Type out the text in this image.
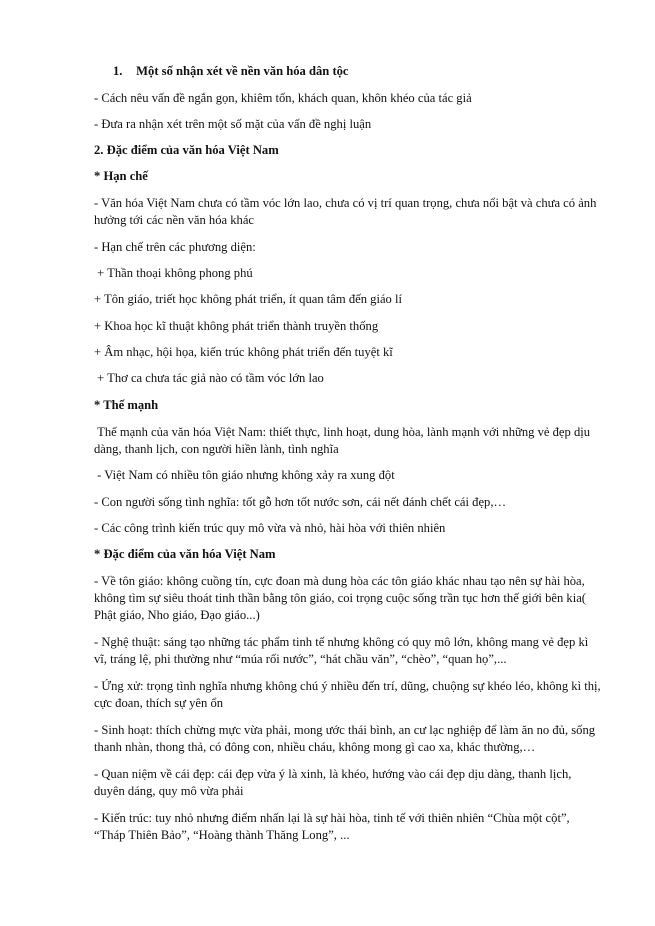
1. Một số nhận xét về nền văn hóa dân tộc

- Cách nêu vấn đề ngắn gọn, khiêm tốn, khách quan, khôn khéo của tác giả

- Đưa ra nhận xét trên một số mặt của vấn đề nghị luận

2. Đặc điểm của văn hóa Việt Nam

* Hạn chế

- Văn hóa Việt Nam chưa có tầm vóc lớn lao, chưa có vị trí quan trọng, chưa nổi bật và chưa có ảnh hưởng tới các nền văn hóa khác

- Hạn chế trên các phương diện:

+ Thần thoại không phong phú

+ Tôn giáo, triết học không phát triển, ít quan tâm đến giáo lí

+ Khoa học kĩ thuật không phát triển thành truyền thống

+ Âm nhạc, hội họa, kiến trúc không phát triển đến tuyệt kĩ

+ Thơ ca chưa tác giả nào có tầm vóc lớn lao

* Thế mạnh

Thế mạnh của văn hóa Việt Nam: thiết thực, linh hoạt, dung hòa, lành mạnh với những vẻ đẹp dịu dàng, thanh lịch, con người hiền lành, tình nghĩa

- Việt Nam có nhiều tôn giáo nhưng không xảy ra xung đột

- Con người sống tình nghĩa: tốt gỗ hơn tốt nước sơn, cái nết đánh chết cái đẹp,…

- Các công trình kiến trúc quy mô vừa và nhỏ, hài hòa với thiên nhiên

* Đặc điểm của văn hóa Việt Nam

- Về tôn giáo: không cuồng tín, cực đoan mà dung hòa các tôn giáo khác nhau tạo nên sự hài hòa, không tìm sự siêu thoát tinh thần bằng tôn giáo, coi trọng cuộc sống trần tục hơn thế giới bên kia( Phật giáo, Nho giáo, Đạo giáo...)

- Nghệ thuật: sáng tạo những tác phẩm tinh tế nhưng không có quy mô lớn, không mang vẻ đẹp kì vĩ, tráng lệ, phi thường như “múa rối nước”, “hát chầu văn”, “chèo”, “quan họ”,...

- Ứng xử: trọng tình nghĩa nhưng không chú ý nhiều đến trí, dũng, chuộng sự khéo léo, không kì thị, cực đoan, thích sự yên ổn

- Sinh hoạt: thích chừng mực vừa phải, mong ước thái bình, an cư lạc nghiệp để làm ăn no đủ, sống thanh nhàn, thong thả, có đông con, nhiều cháu, không mong gì cao xa, khác thường,…

- Quan niệm về cái đẹp: cái đẹp vừa ý là xinh, là khéo, hướng vào cái đẹp dịu dàng, thanh lịch, duyên dáng, quy mô vừa phải

- Kiến trúc: tuy nhỏ nhưng điểm nhấn lại là sự hài hòa, tinh tế với thiên nhiên “Chùa một cột”, “Tháp Thiên Bảo”, “Hoàng thành Thăng Long”, ...
